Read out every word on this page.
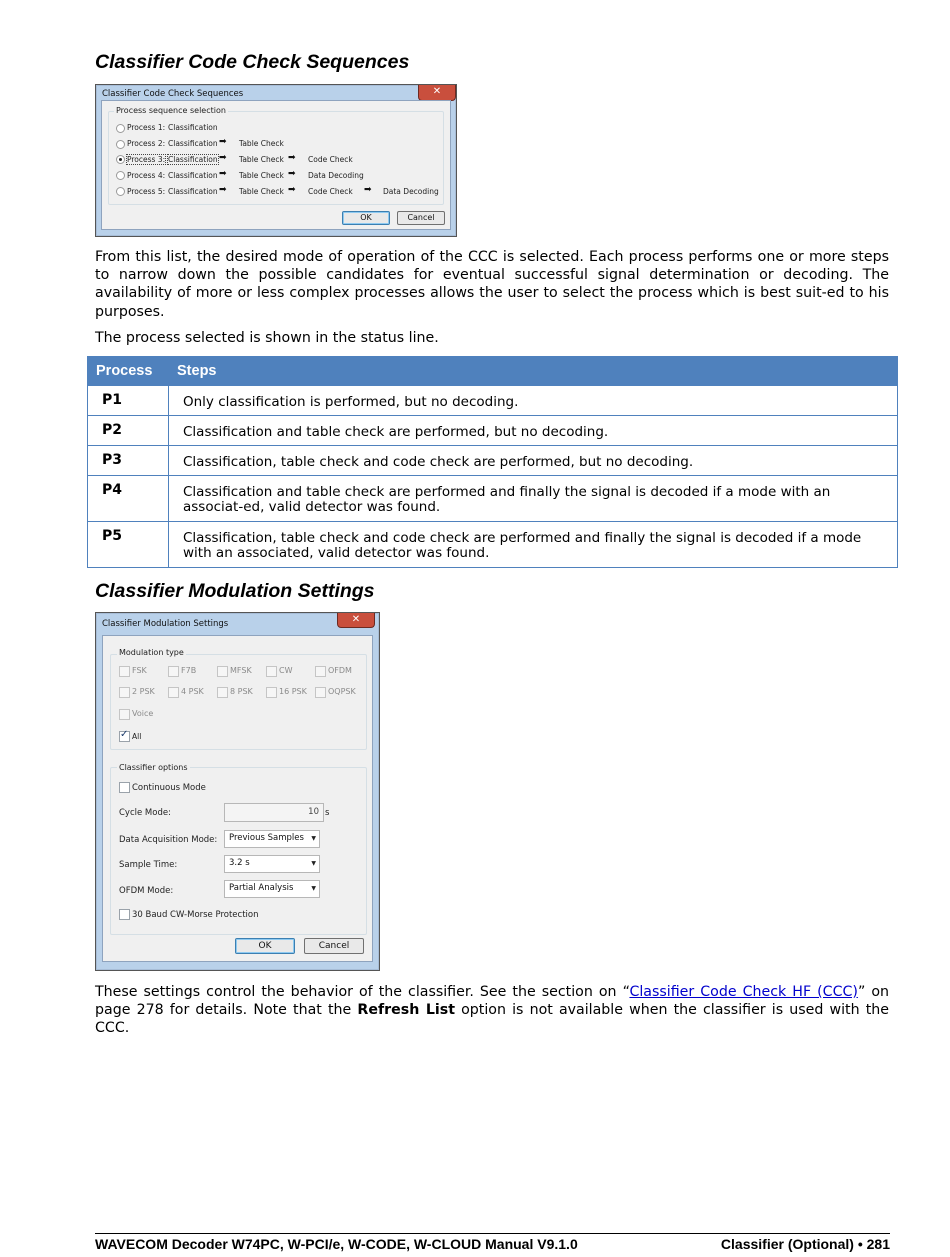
Classifier Code Check Sequences
Classifier Code Check Sequences	✕
Process sequence selection
Process 1: Classification
Process 2: Classification ➡ Table Check
Process 3: Classification ➡ Table Check ➡ Code Check
Process 4: Classification ➡ Table Check ➡ Data Decoding
Process 5: Classification ➡ Table Check ➡ Code Check ➡ Data Decoding
OK	Cancel

From this list, the desired mode of operation of the CCC is selected. Each process performs one or more steps to narrow down the possible candidates for eventual successful signal determination or decoding. The availability of more or less complex processes allows the user to select the process which is best suit-ed to his purposes.

The process selected is shown in the status line.

Process	Steps
P1	Only classification is performed, but no decoding.
P2	Classification and table check are performed, but no decoding.
P3	Classification, table check and code check are performed, but no decoding.
P4	Classification and table check are performed and finally the signal is decoded if a mode with an associat-ed, valid detector was found.
P5	Classification, table check and code check are performed and finally the signal is decoded if a mode with an associated, valid detector was found.
Classifier Modulation Settings
Classifier Modulation Settings	✕
Modulation type
FSK	F7B	MFSK	CW	OFDM
2 PSK	4 PSK	8 PSK	16 PSK	OQPSK
Voice
✓
All
Classifier options
Continuous Mode
Cycle Mode:	10 s
Data Acquisition Mode: Previous Samples ▼
Sample Time:	3.2 s	▼
OFDM Mode:	Partial Analysis	▼
30 Baud CW-Morse Protection
OK	Cancel

These settings control the behavior of the classifier. See the section on “Classifier Code Check HF (CCC)” on page 278 for details. Note that the Refresh List option is not available when the classifier is used with the CCC.

WAVECOM Decoder W74PC, W-PCI/e, W-CODE, W-CLOUD Manual V9.1.0	Classifier (Optional) • 281
